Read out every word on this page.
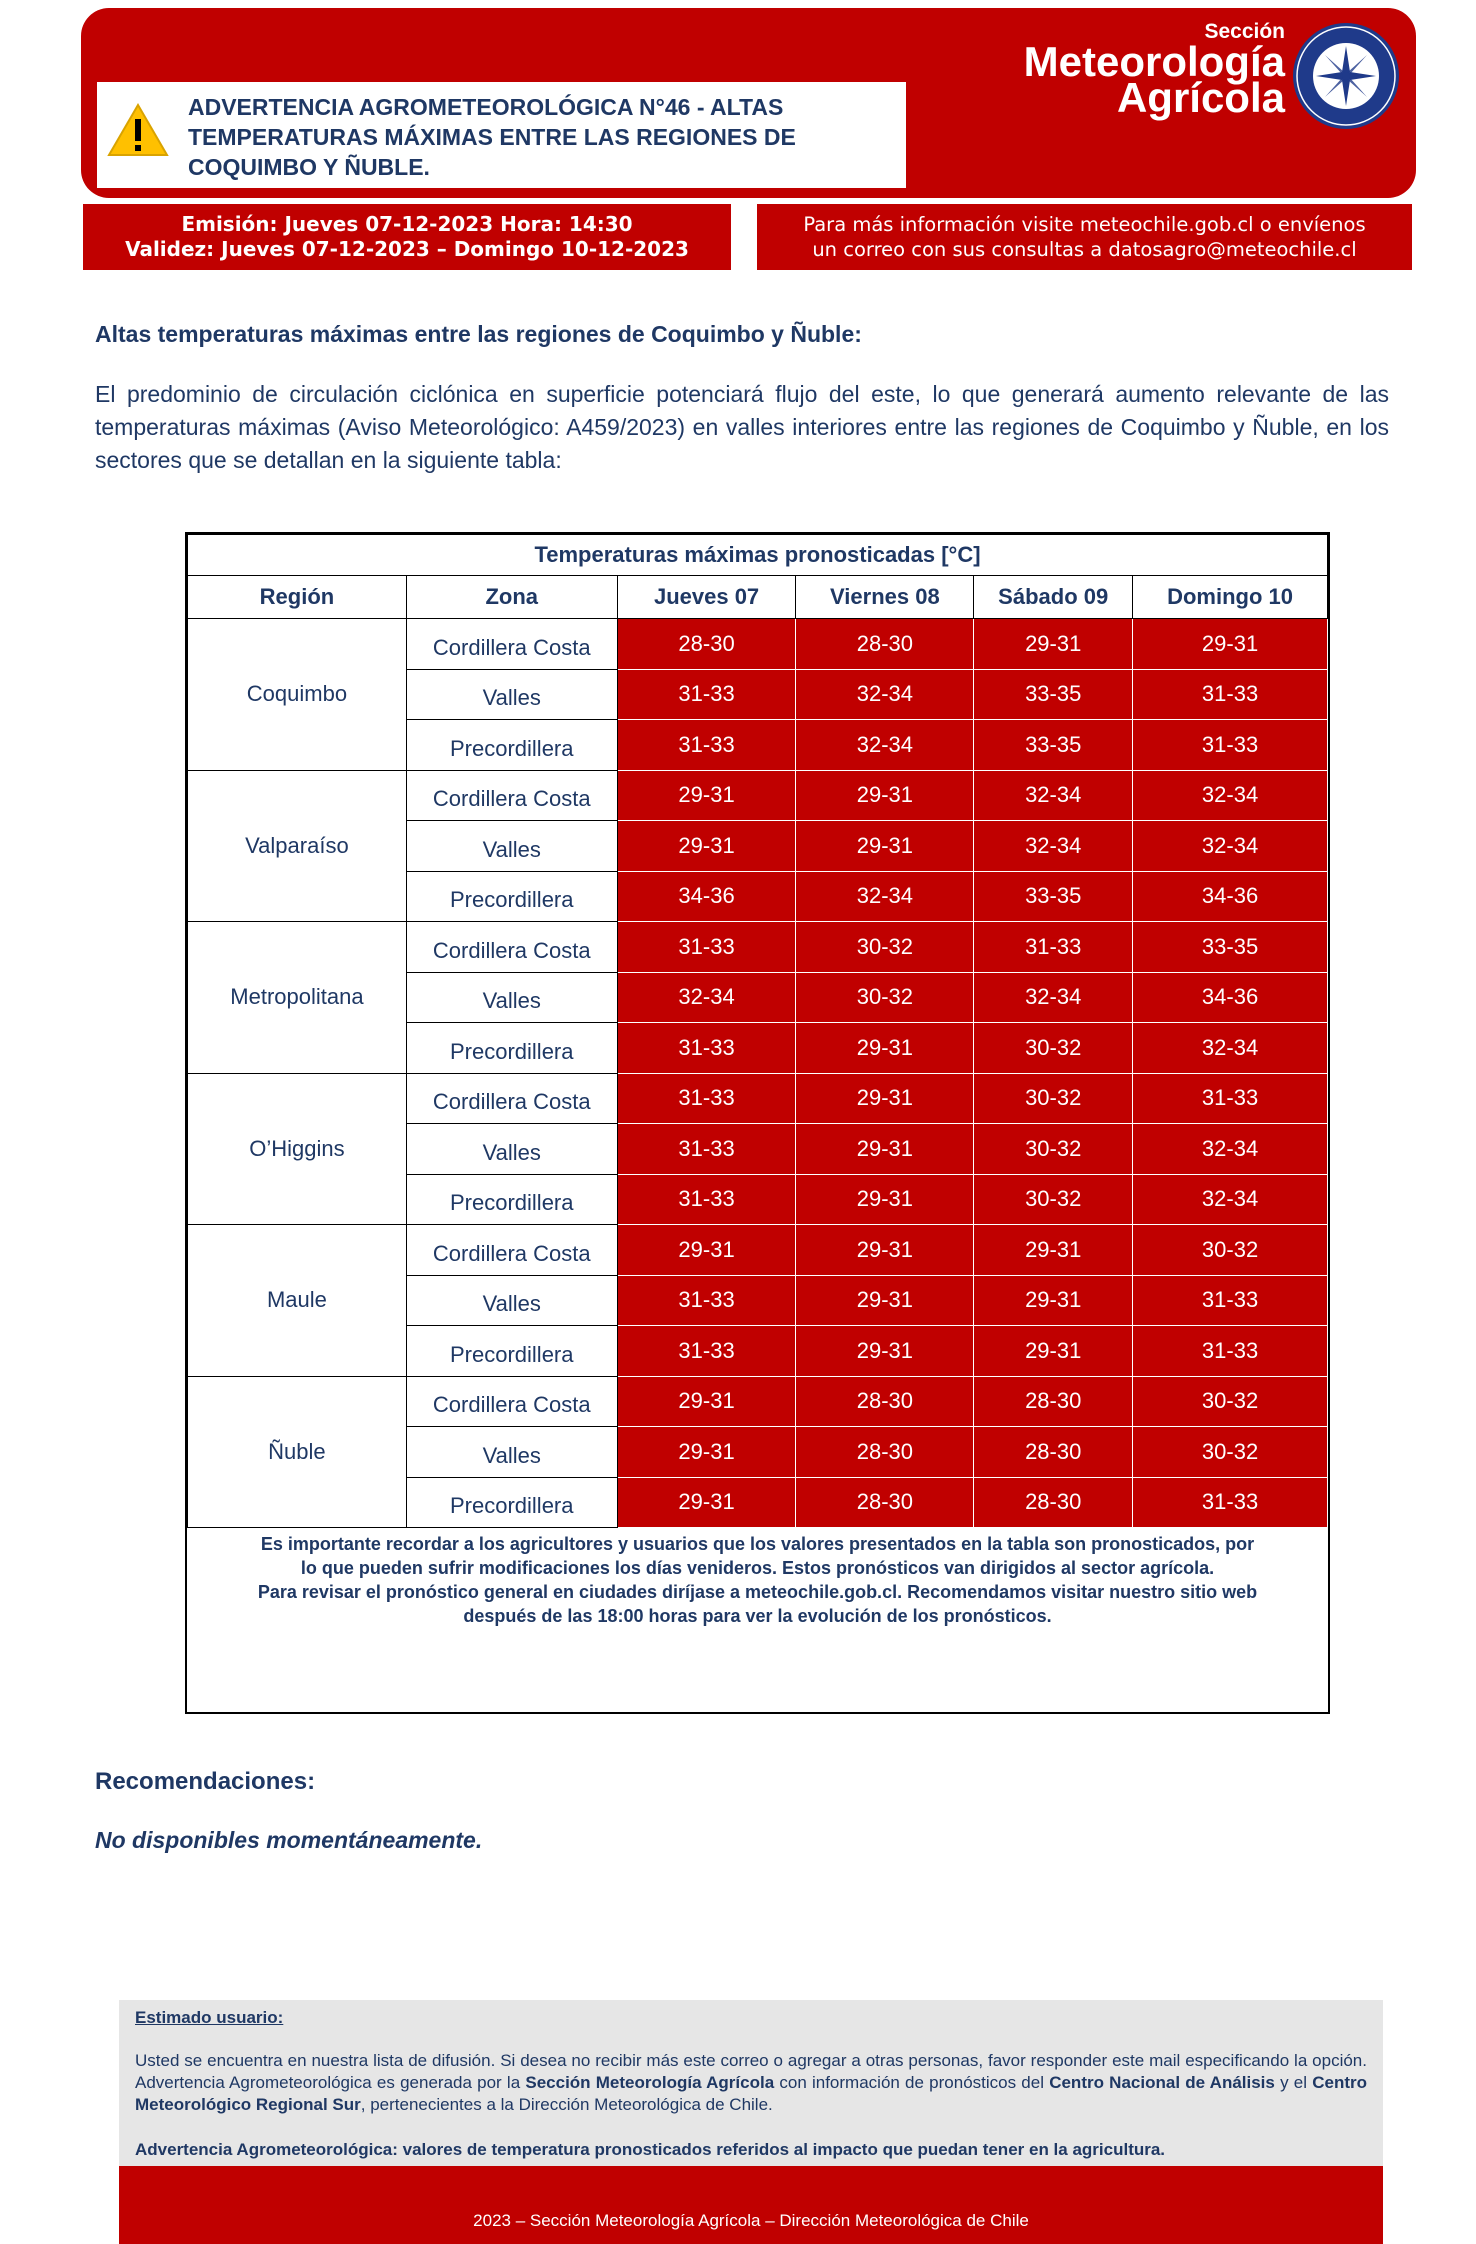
ADVERTENCIA AGROMETEOROLÓGICA N°46 - ALTAS TEMPERATURAS MÁXIMAS ENTRE LAS REGIONES DE COQUIMBO Y ÑUBLE.
Sección
Meteorología
Agrícola
Emisión: Jueves 07-12-2023 Hora: 14:30
Validez: Jueves 07-12-2023 – Domingo 10-12-2023
Para más información visite meteochile.gob.cl o envíenos
un correo con sus consultas a datosagro@meteochile.cl
Altas temperaturas máximas entre las regiones de Coquimbo y Ñuble:
El predominio de circulación ciclónica en superficie potenciará flujo del este, lo que generará aumento relevante de las temperaturas máximas (Aviso Meteorológico: A459/2023) en valles interiores entre las regiones de Coquimbo y Ñuble, en los sectores que se detallan en la siguiente tabla:
Temperaturas máximas pronosticadas [°C]					
Región	Zona	Jueves 07	Viernes 08	Sábado 09	Domingo 10
Coquimbo	Cordillera Costa	28-30	28-30	29-31	29-31
	Valles	31-33	32-34	33-35	31-33
	Precordillera	31-33	32-34	33-35	31-33
Valparaíso	Cordillera Costa	29-31	29-31	32-34	32-34
	Valles	29-31	29-31	32-34	32-34
	Precordillera	34-36	32-34	33-35	34-36
Metropolitana	Cordillera Costa	31-33	30-32	31-33	33-35
	Valles	32-34	30-32	32-34	34-36
	Precordillera	31-33	29-31	30-32	32-34
O’Higgins	Cordillera Costa	31-33	29-31	30-32	31-33
	Valles	31-33	29-31	30-32	32-34
	Precordillera	31-33	29-31	30-32	32-34
Maule	Cordillera Costa	29-31	29-31	29-31	30-32
	Valles	31-33	29-31	29-31	31-33
	Precordillera	31-33	29-31	29-31	31-33
Ñuble	Cordillera Costa	29-31	28-30	28-30	30-32
	Valles	29-31	28-30	28-30	30-32
	Precordillera	29-31	28-30	28-30	31-33
Es importante recordar a los agricultores y usuarios que los valores presentados en la tabla son pronosticados, por
lo que pueden sufrir modificaciones los días venideros. Estos pronósticos van dirigidos al sector agrícola.
Para revisar el pronóstico general en ciudades diríjase a meteochile.gob.cl. Recomendamos visitar nuestro sitio web
después de las 18:00 horas para ver la evolución de los pronósticos.
Recomendaciones:
No disponibles momentáneamente.
Estimado usuario:
Usted se encuentra en nuestra lista de difusión. Si desea no recibir más este correo o agregar a otras personas, favor responder este mail especificando la opción. Advertencia Agrometeorológica es generada por la Sección Meteorología Agrícola con información de pronósticos del Centro Nacional de Análisis y el Centro Meteorológico Regional Sur, pertenecientes a la Dirección Meteorológica de Chile.
Advertencia Agrometeorológica: valores de temperatura pronosticados referidos al impacto que puedan tener en la agricultura.
2023 – Sección Meteorología Agrícola – Dirección Meteorológica de Chile
